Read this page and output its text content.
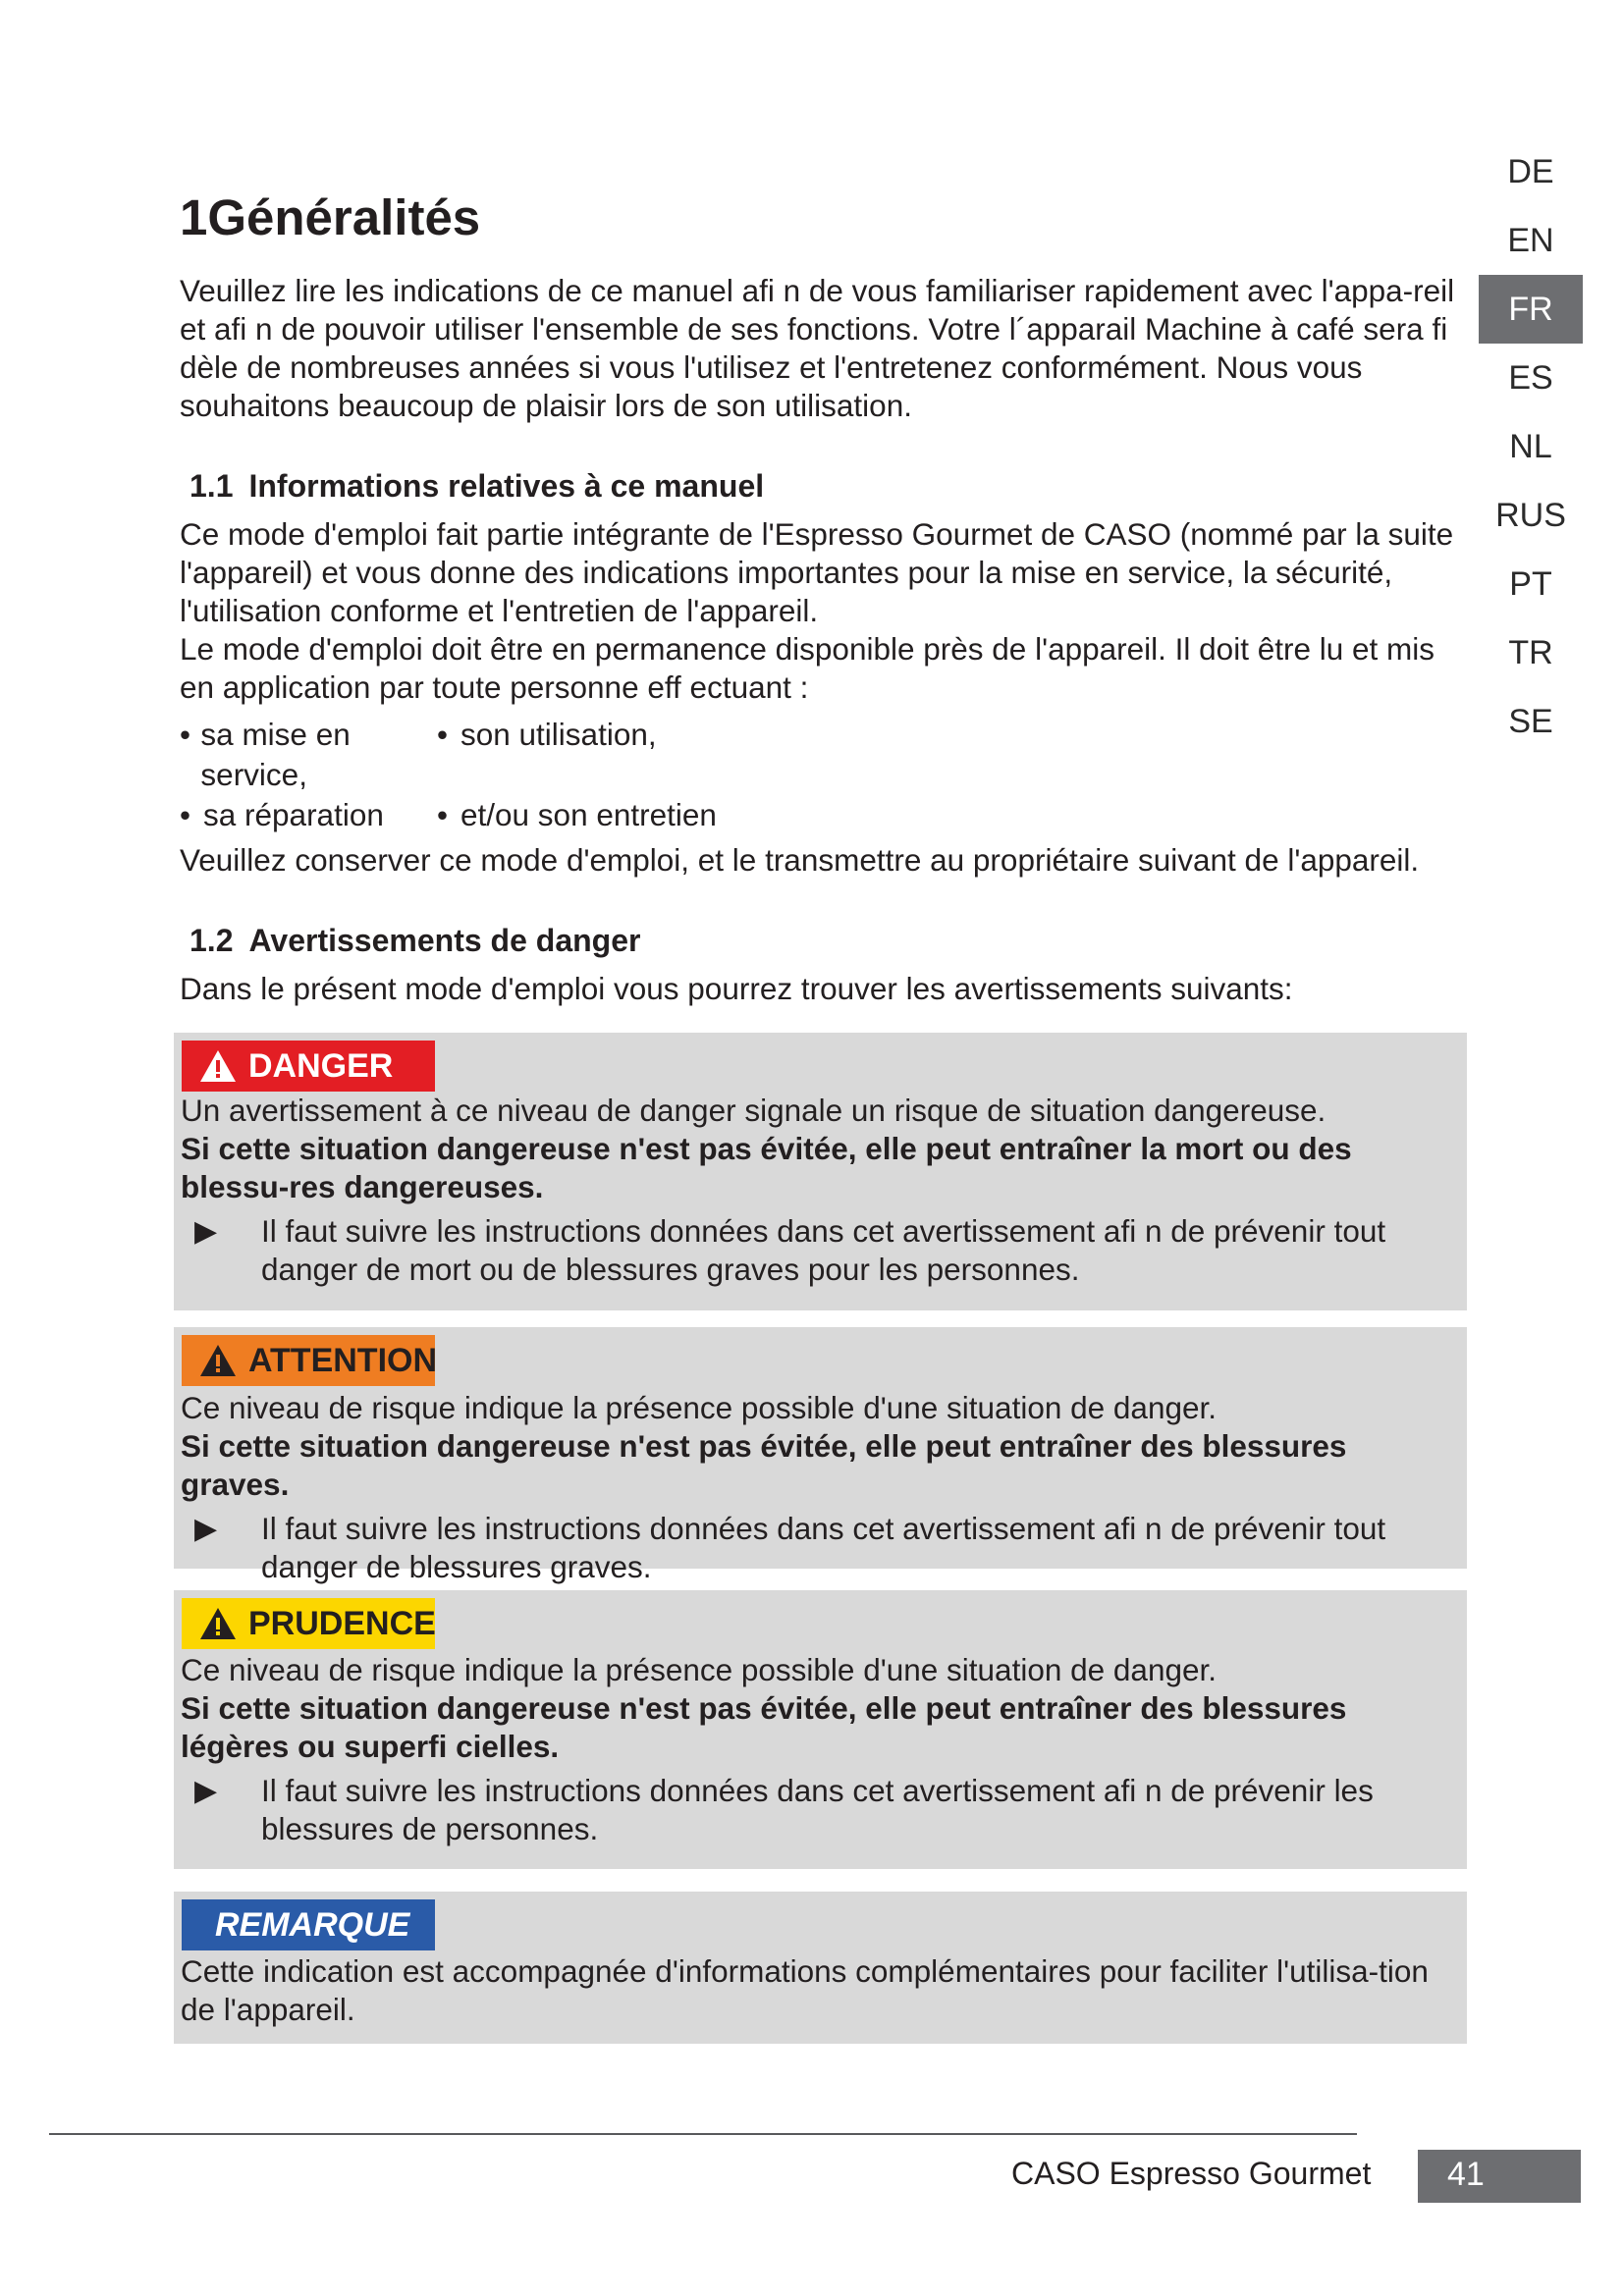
DE
EN
FR
ES
NL
RUS
PT
TR
SE
1Généralités

Veuillez lire les indications de ce manuel afi n de vous familiariser rapidement avec l'appa-reil et afi n de pouvoir utiliser l'ensemble de ses fonctions. Votre l´apparail Machine à café sera fi dèle de nombreuses années si vous l'utilisez et l'entretenez conformément. Nous vous souhaitons beaucoup de plaisir lors de son utilisation.

1.1 Informations relatives à ce manuel

Ce mode d'emploi fait partie intégrante de l'Espresso Gourmet de CASO (nommé par la suite l'appareil) et vous donne des indications importantes pour la mise en service, la sécurité, l'utilisation conforme et l'entretien de l'appareil.

Le mode d'emploi doit être en permanence disponible près de l'appareil. Il doit être lu et mis en application par toute personne eff ectuant :

• sa mise en service,
• son utilisation,
• sa réparation • et/ou son entretien

Veuillez conserver ce mode d'emploi, et le transmettre au propriétaire suivant de l'appareil.

1.2 Avertissements de danger

Dans le présent mode d'emploi vous pourrez trouver les avertissements suivants:

DANGER
Un avertissement à ce niveau de danger signale un risque de situation dangereuse.
Si cette situation dangereuse n'est pas évitée, elle peut entraîner la mort ou des blessu-res dangereuses.
▶	Il faut suivre les instructions données dans cet avertissement afi n de prévenir tout danger de mort ou de blessures graves pour les personnes.
ATTENTION
Ce niveau de risque indique la présence possible d'une situation de danger.
Si cette situation dangereuse n'est pas évitée, elle peut entraîner des blessures graves.
▶	Il faut suivre les instructions données dans cet avertissement afi n de prévenir tout danger de blessures graves.
PRUDENCE
Ce niveau de risque indique la présence possible d'une situation de danger.
Si cette situation dangereuse n'est pas évitée, elle peut entraîner des blessures légères ou superfi cielles.
▶	Il faut suivre les instructions données dans cet avertissement afi n de prévenir les blessures de personnes.
REMARQUE
Cette indication est accompagnée d'informations complémentaires pour faciliter l'utilisa-tion de l'appareil.
CASO Espresso Gourmet	41
